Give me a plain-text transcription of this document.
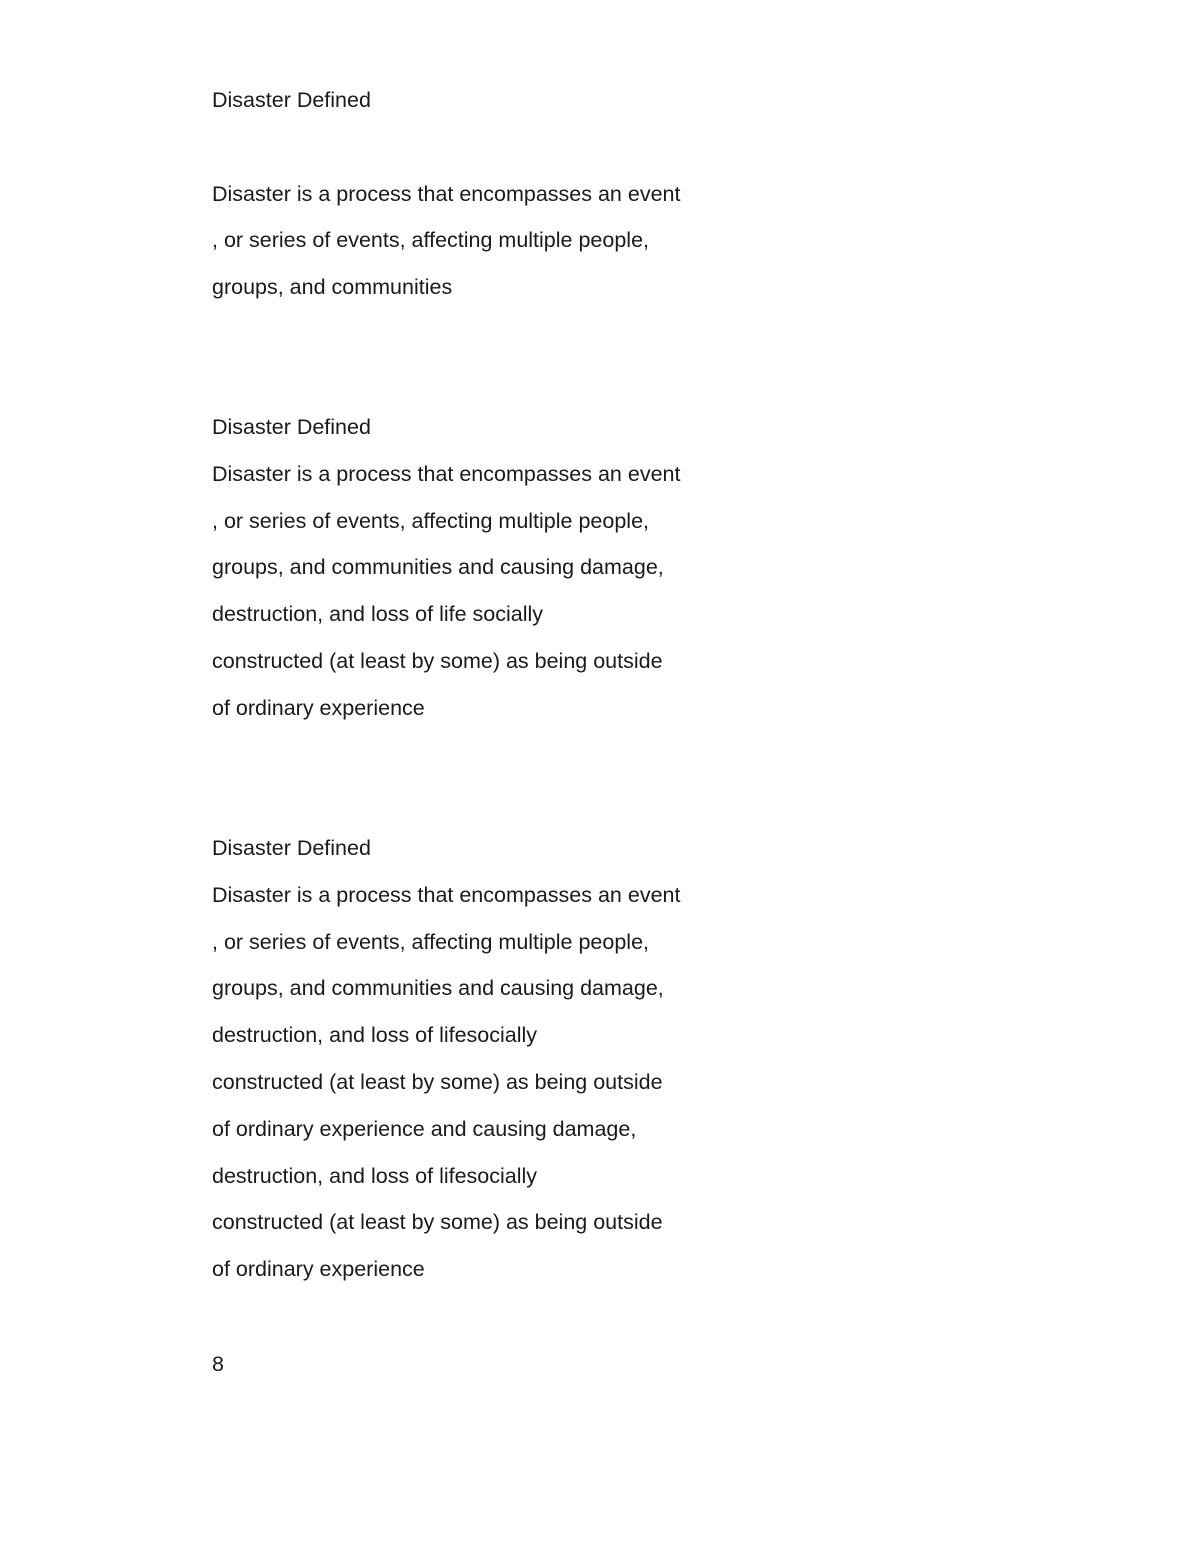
Disaster Defined
Disaster is a process that encompasses an event
, or series of events, affecting multiple people,
groups, and communities
Disaster Defined
Disaster is a process that encompasses an event
, or series of events, affecting multiple people,
groups, and communities and causing damage,
destruction, and loss of life socially
constructed (at least by some) as being outside
of ordinary experience
Disaster Defined
Disaster is a process that encompasses an event
, or series of events, affecting multiple people,
groups, and communities and causing damage,
destruction, and loss of lifesocially
constructed (at least by some) as being outside
of ordinary experience and causing damage,
destruction, and loss of lifesocially
constructed (at least by some) as being outside
of ordinary experience
8
